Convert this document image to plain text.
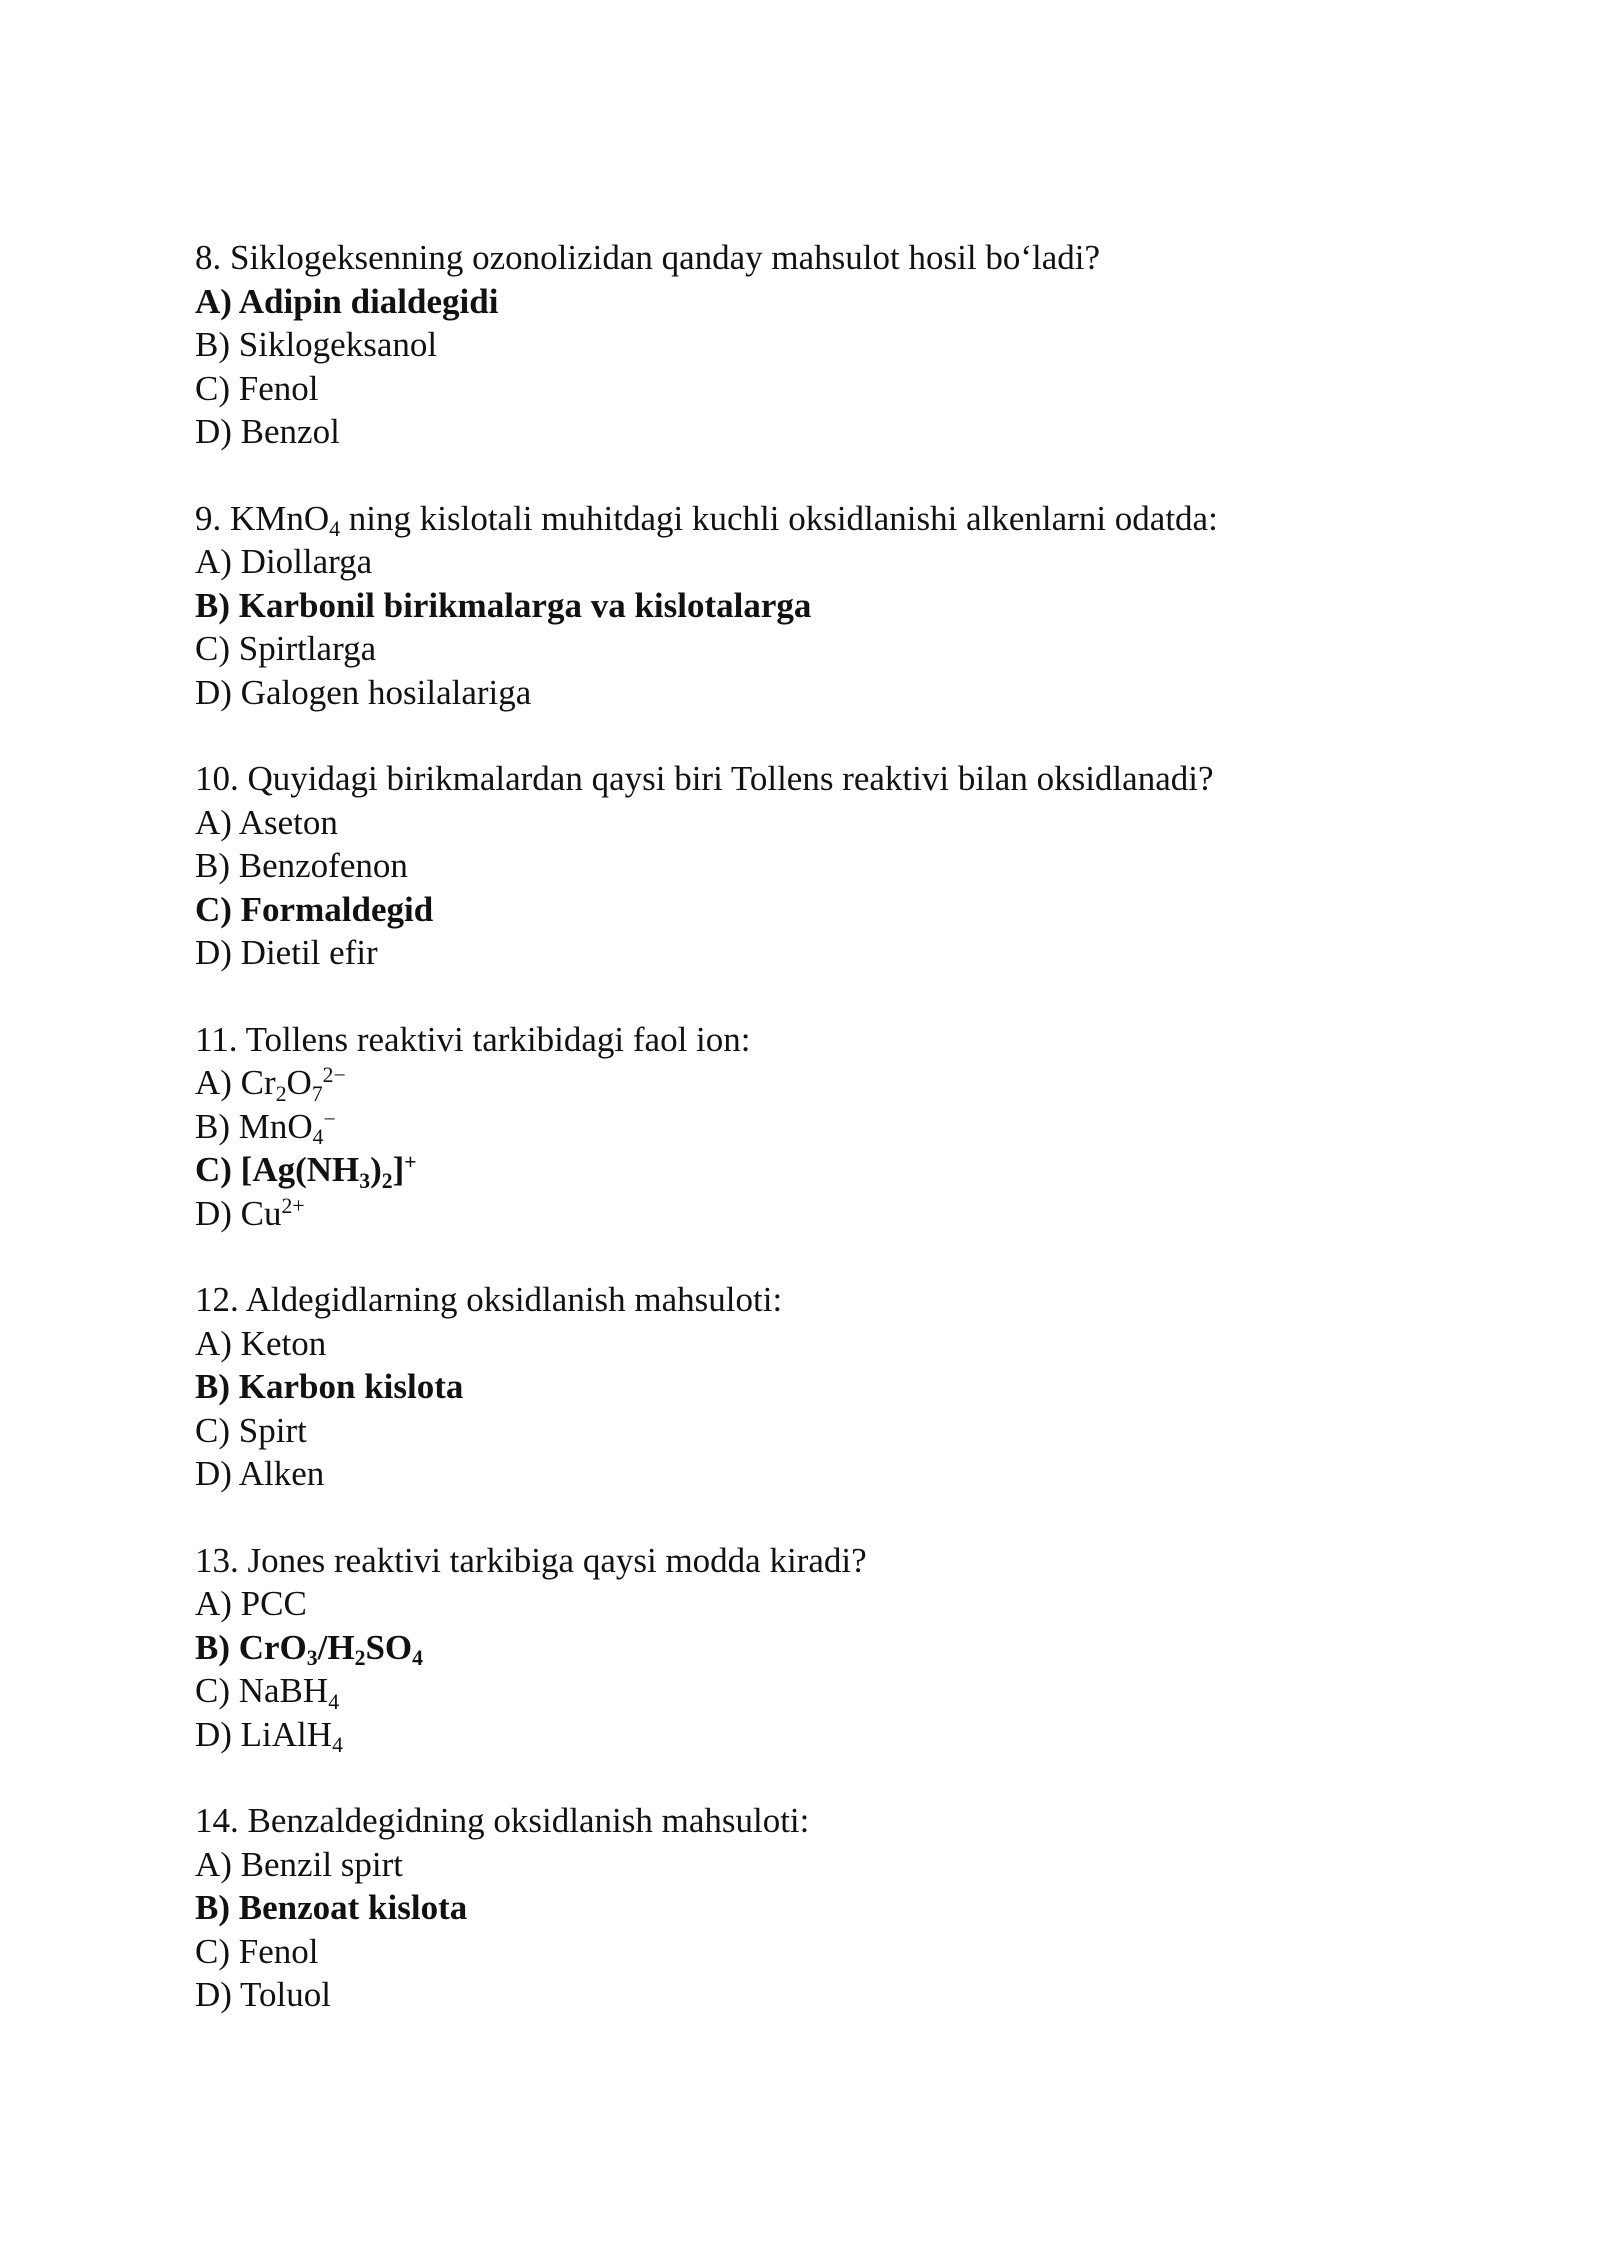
8. Siklogeksenning ozonolizidan qanday mahsulot hosil bo‘ladi?
A) Adipin dialdegidi
B) Siklogeksanol
C) Fenol
D) Benzol
9. KMnO$_4$ ning kislotali muhitdagi kuchli oksidlanishi alkenlarni odatda:
A) Diollarga
B) Karbonil birikmalarga va kislotalarga
C) Spirtlarga
D) Galogen hosilalariga
10. Quyidagi birikmalardan qaysi biri Tollens reaktivi bilan oksidlanadi?
A) Aseton
B) Benzofenon
C) Formaldegid
D) Dietil efir
11. Tollens reaktivi tarkibidagi faol ion:
A) $Cr_2O_7^{2-}$
B) MnO$_4$−
C) $[Ag(NH_3)_2]^+$
D) $Cu^{2+}$
12. Aldegidlarning oksidlanish mahsuloti:
A) Keton
B) Karbon kislota
C) Spirt
D) Alken
13. Jones reaktivi tarkibiga qaysi modda kiradi?
A) PCC
B) $CrO_3/H_2SO_4$
C) NaBH$_4$
D) LiAlH$_4$
14. Benzaldegidning oksidlanish mahsuloti:
A) Benzil spirt
B) Benzoat kislota
C) Fenol
D) Toluol
